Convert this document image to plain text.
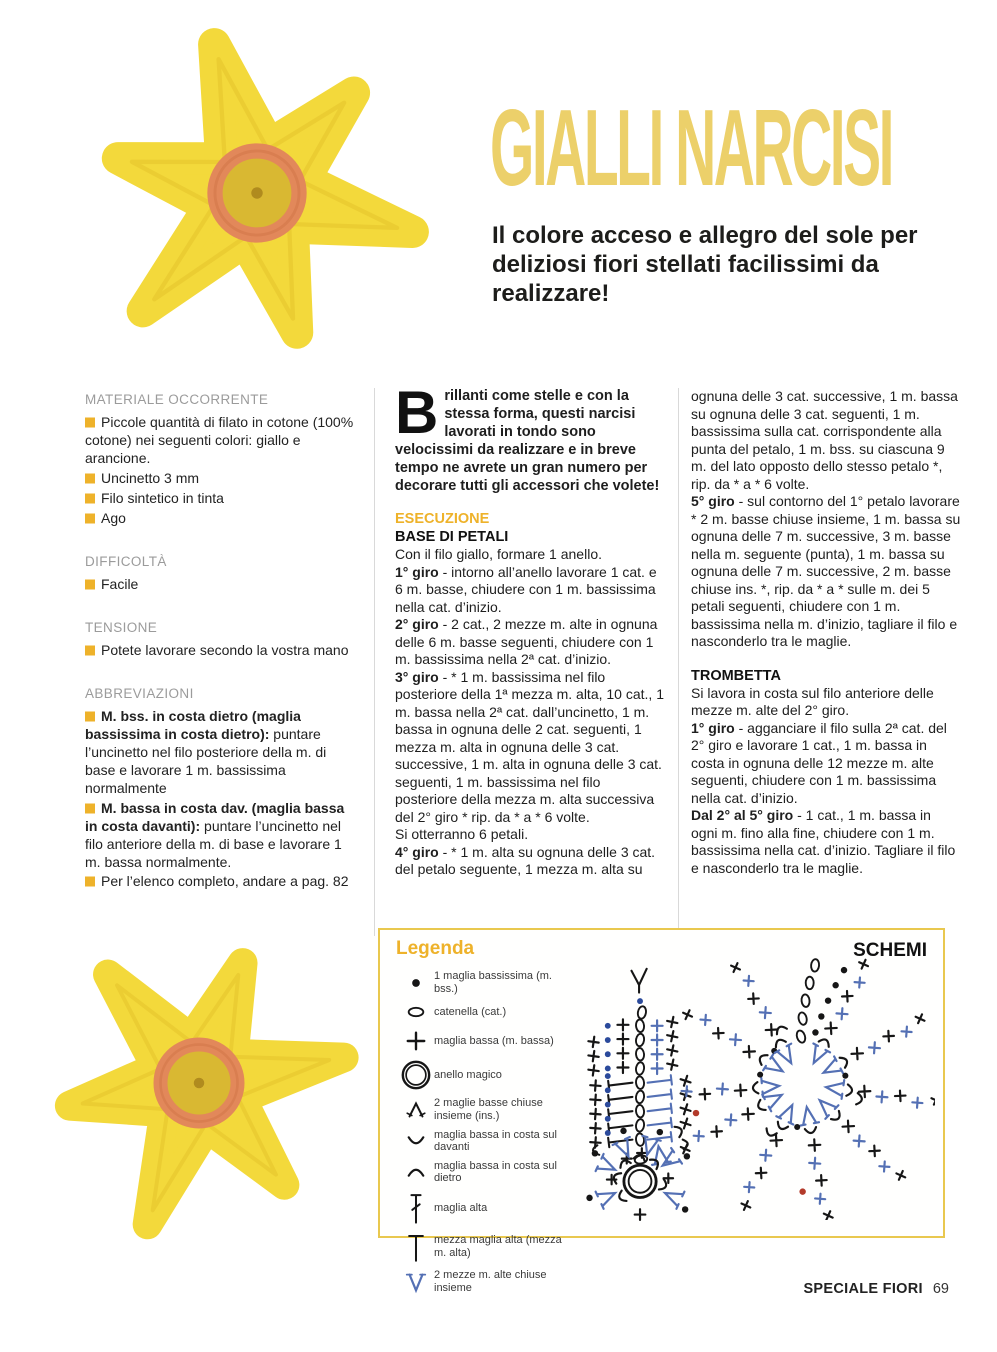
GIALLI NARCISI

Il colore acceso e allegro del sole per deliziosi fiori stellati facilissimi da realizzare!

MATERIALE OCCORRENTE
Piccole quantità di filato in cotone (100% cotone) nei seguenti colori: giallo e arancione.
Uncinetto 3 mm
Filo sintetico in tinta
Ago
DIFFICOLTÀ
Facile
TENSIONE
Potete lavorare secondo la vostra mano
ABBREVIAZIONI
M. bss. in costa dietro (maglia bassissima in costa dietro): puntare l’uncinetto nel filo posteriore della m. di base e lavorare 1 m. bassissima normalmente
M. bassa in costa dav. (maglia bassa in costa davanti): puntare l’uncinetto nel filo anteriore della m. di base e lavorare 1 m. bassa normalmente.
Per l’elenco completo, andare a pag. 82

Brillanti come stelle e con la stessa forma, questi narcisi lavorati in tondo sono velocissimi da realizzare e in breve tempo ne avrete un gran numero per decorare tutti gli accessori che volete!

ESECUZIONE
BASE DI PETALI

Con il filo giallo, formare 1 anello.

1° giro - intorno all’anello lavorare 1 cat. e 6 m. basse, chiudere con 1 m. bassissima nella cat. d’inizio.

2° giro - 2 cat., 2 mezze m. alte in ognuna delle 6 m. basse seguenti, chiudere con 1 m. bassissima nella 2ª cat. d’inizio.

3° giro - * 1 m. bassissima nel filo posteriore della 1ª mezza m. alta, 10 cat., 1 m. bassa nella 2ª cat. dall’uncinetto, 1 m. bassa in ognuna delle 2 cat. seguenti, 1 mezza m. alta in ognuna delle 3 cat. successive, 1 m. alta in ognuna delle 3 cat. seguenti, 1 m. bassissima nel filo posteriore della mezza m. alta successiva del 2° giro * rip. da * a * 6 volte.

Si otterranno 6 petali.

4° giro - * 1 m. alta su ognuna delle 3 cat. del petalo seguente, 1 mezza m. alta su ognuna delle 3 cat. successive, 1 m. bassa su ognuna delle 3 cat. seguenti, 1 m. bassissima sulla cat. corrispondente alla punta del petalo, 1 m. bss. su ciascuna 9 m. del lato opposto dello stesso petalo *, rip. da * a * 6 volte.

5° giro - sul contorno del 1° petalo lavorare * 2 m. basse chiuse insieme, 1 m. bassa su ognuna delle 7 m. successive, 3 m. basse nella m. seguente (punta), 1 m. bassa su ognuna delle 7 m. successive, 2 m. basse chiuse ins. *, rip. da * a * sulle m. dei 5 petali seguenti, chiudere con 1 m. bassissima nella m. d’inizio, tagliare il filo e nasconderlo tra le maglie.

TROMBETTA

Si lavora in costa sul filo anteriore delle mezze m. alte del 2° giro.

1° giro - agganciare il filo sulla 2ª cat. del 2° giro e lavorare 1 cat., 1 m. bassa in costa in ognuna delle 12 mezze m. alte seguenti, chiudere con 1 m. bassissima nella cat. d’inizio.

Dal 2° al 5° giro - 1 cat., 1 m. bassa in ogni m. fino alla fine, chiudere con 1 m. bassissima nella cat. d’inizio. Tagliare il filo e nasconderlo tra le maglie.

Legenda	SCHEMI
1 maglia bassissima (m. bss.)
catenella (cat.)
maglia bassa (m. bassa)
anello magico
2 maglie basse chiuse insieme (ins.)
maglia bassa in costa sul davanti
maglia bassa in costa sul dietro
maglia alta
mezza maglia alta (mezza m. alta)
2 mezze m. alte chiuse insieme	SPECIALE FIORI 69
